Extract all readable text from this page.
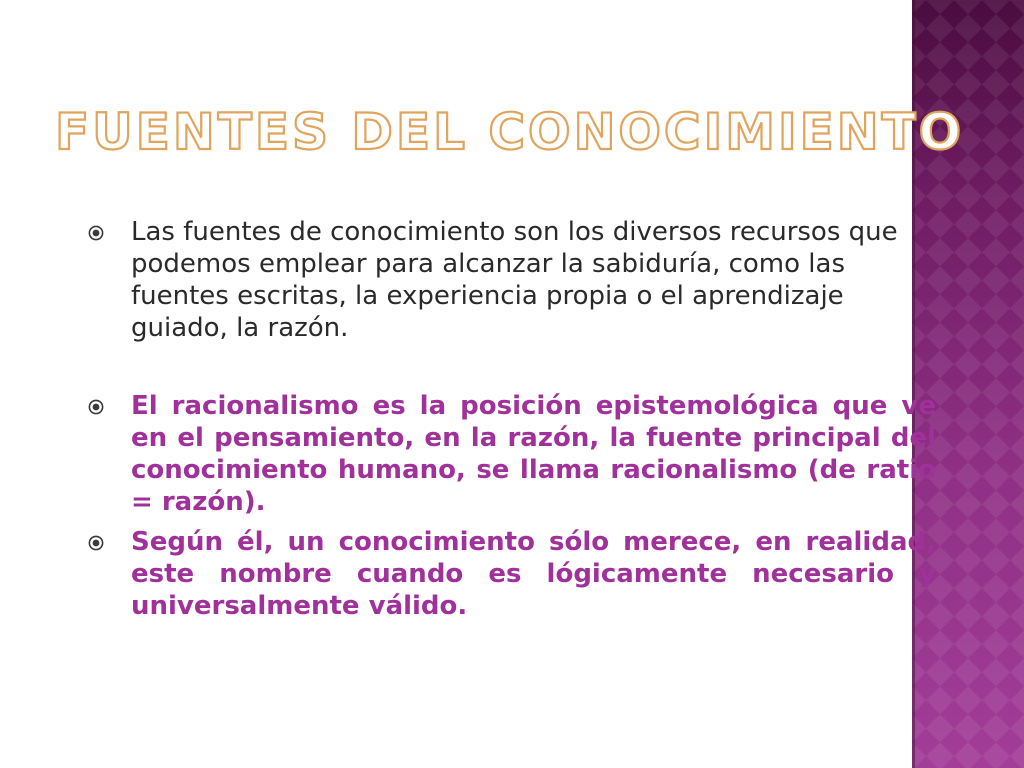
FUENTES DEL CONOCIMIENTO
Las fuentes de conocimiento son los diversos recursos que podemos emplear para alcanzar la sabiduría, como las fuentes escritas, la experiencia propia o el aprendizaje guiado, la razón.
El racionalismo es la posición epistemológica que ve en el pensamiento, en la razón, la fuente principal del conocimiento humano, se llama racionalismo (de ratio = razón).
Según él, un conocimiento sólo merece, en realidad, este nombre cuando es lógicamente necesario y universalmente válido.
